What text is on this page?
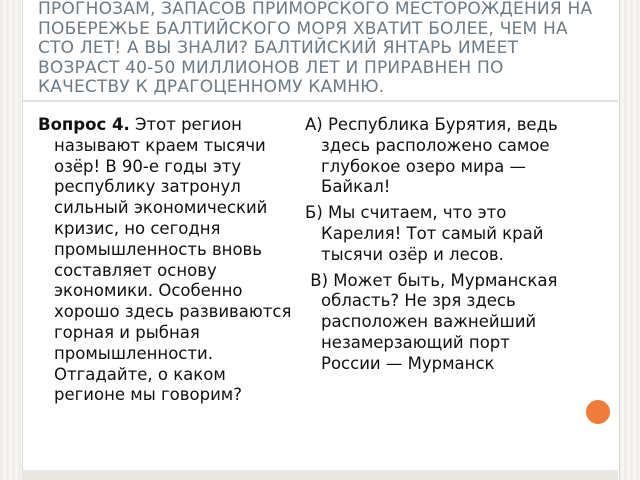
ПРОГНОЗАМ, ЗАПАСОВ ПРИМОРСКОГО МЕСТОРОЖДЕНИЯ НА ПОБЕРЕЖЬЕ БАЛТИЙСКОГО МОРЯ ХВАТИТ БОЛЕЕ, ЧЕМ НА СТО ЛЕТ! А ВЫ ЗНАЛИ? БАЛТИЙСКИЙ ЯНТАРЬ ИМЕЕТ ВОЗРАСТ 40-50 МИЛЛИОНОВ ЛЕТ И ПРИРАВНЕН ПО КАЧЕСТВУ К ДРАГОЦЕННОМУ КАМНЮ.

Вопрос 4. Этот регион называют краем тысячи озёр! В 90-е годы эту республику затронул сильный экономический кризис, но сегодня промышленность вновь составляет основу экономики. Особенно хорошо здесь развиваются горная и рыбная промышленности. Отгадайте, о каком регионе мы говорим?

А) Республика Бурятия, ведь здесь расположено самое глубокое озеро мира — Байкал!

Б) Мы считаем, что это Карелия! Тот самый край тысячи озёр и лесов.

В) Может быть, Мурманская область? Не зря здесь расположен важнейший незамерзающий порт России — Мурманск
